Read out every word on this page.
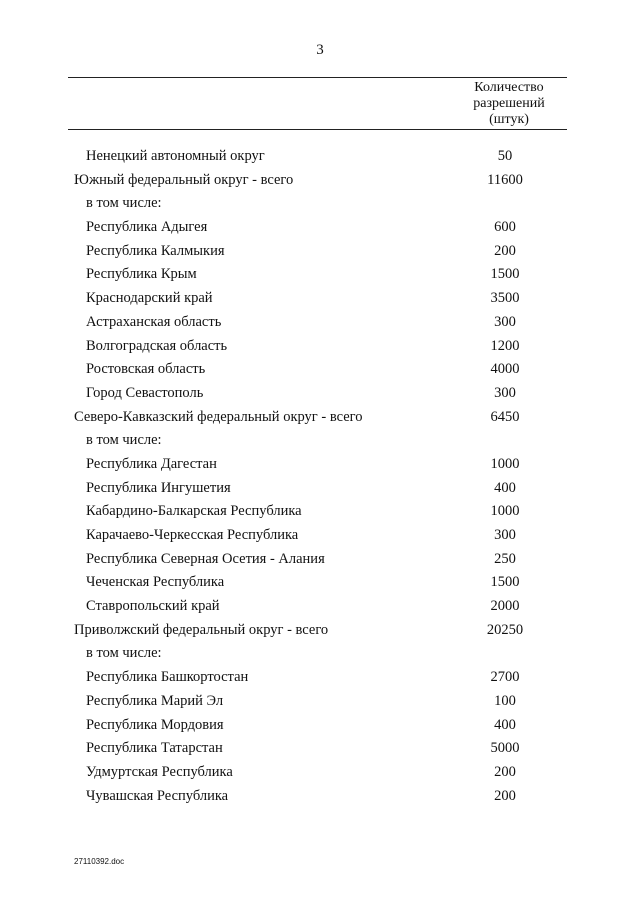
3
Количество
разрешений
(штук)
Ненецкий автономный округ	50
Южный федеральный округ - всего	11600
в том числе:
Республика Адыгея	600
Республика Калмыкия	200
Республика Крым	1500
Краснодарский край	3500
Астраханская область	300
Волгоградская область	1200
Ростовская область	4000
Город Севастополь	300
Северо-Кавказский федеральный округ - всего	6450
в том числе:
Республика Дагестан	1000
Республика Ингушетия	400
Кабардино-Балкарская Республика	1000
Карачаево-Черкесская Республика	300
Республика Северная Осетия - Алания	250
Чеченская Республика	1500
Ставропольский край	2000
Приволжский федеральный округ - всего	20250
в том числе:
Республика Башкортостан	2700
Республика Марий Эл	100
Республика Мордовия	400
Республика Татарстан	5000
Удмуртская Республика	200
Чувашская Республика	200
27110392.doc
